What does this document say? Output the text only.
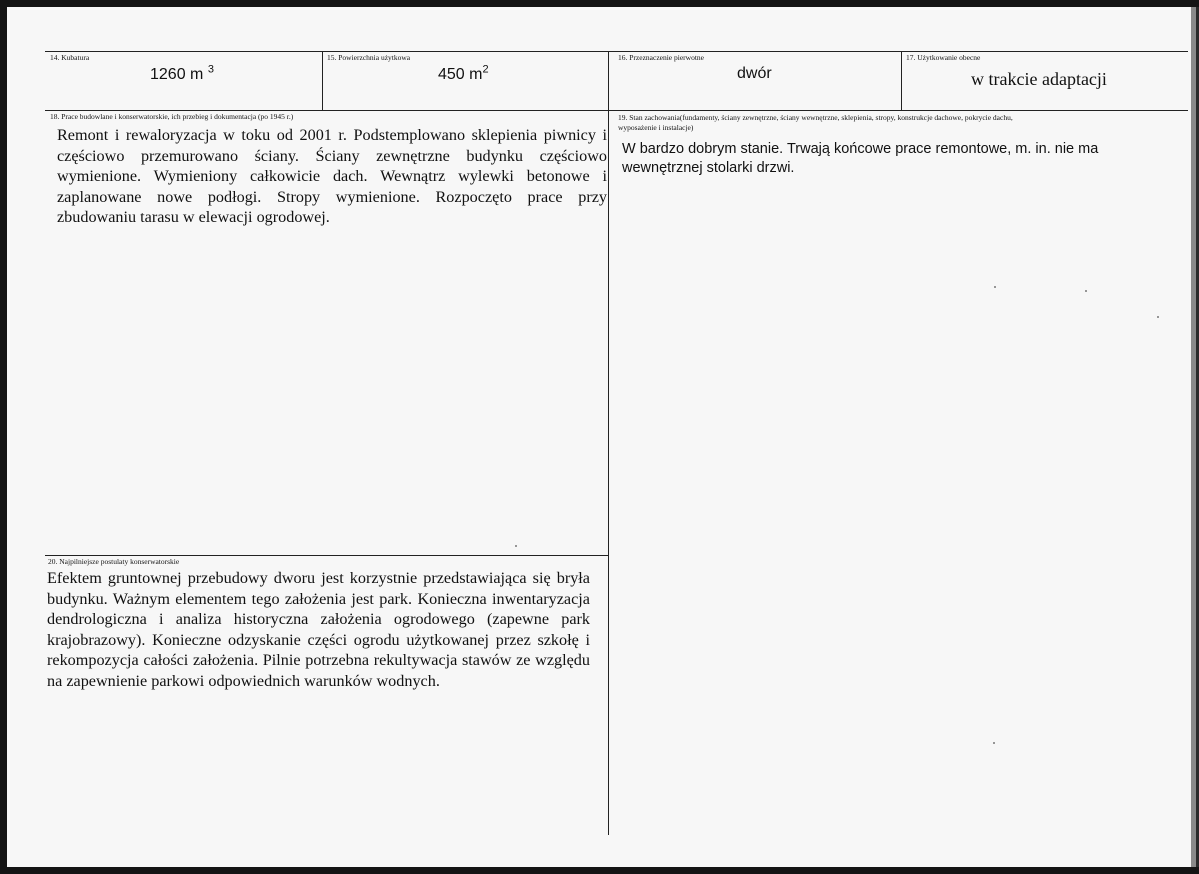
14. Kubatura
1260 m $^3$
15. Powierzchnia użytkowa
450 $m^2$
16. Przeznaczenie pierwotne
dwór
17. Użytkowanie obecne
w trakcie adaptacji
18. Prace budowlane i konserwatorskie, ich przebieg i dokumentacja (po 1945 r.)
Remont i rewaloryzacja w toku od 2001 r. Podstemplowano sklepienia piwnicy i częściowo przemurowano ściany. Ściany zewnętrzne budynku częściowo wymienione. Wymieniony całkowicie dach. Wewnątrz wylewki betonowe i zaplanowane nowe podłogi. Stropy wymienione. Rozpoczęto prace przy zbudowaniu tarasu w elewacji ogrodowej.
19. Stan zachowania(fundamenty, ściany zewnętrzne, ściany wewnętrzne, sklepienia, stropy, konstrukcje dachowe, pokrycie dachu,
wyposażenie i instalacje)
W bardzo dobrym stanie. Trwają końcowe prace remontowe, m. in. nie ma wewnętrznej stolarki drzwi.
20. Najpilniejsze postulaty konserwatorskie
Efektem gruntownej przebudowy dworu jest korzystnie przedstawiająca się bryła budynku. Ważnym elementem tego założenia jest park. Konieczna inwentaryzacja dendrologiczna i analiza historyczna założenia ogrodowego (zapewne park krajobrazowy). Konieczne odzyskanie części ogrodu użytkowanej przez szkołę i rekompozycja całości założenia. Pilnie potrzebna rekultywacja stawów ze względu na zapewnienie parkowi odpowiednich warunków wodnych.
